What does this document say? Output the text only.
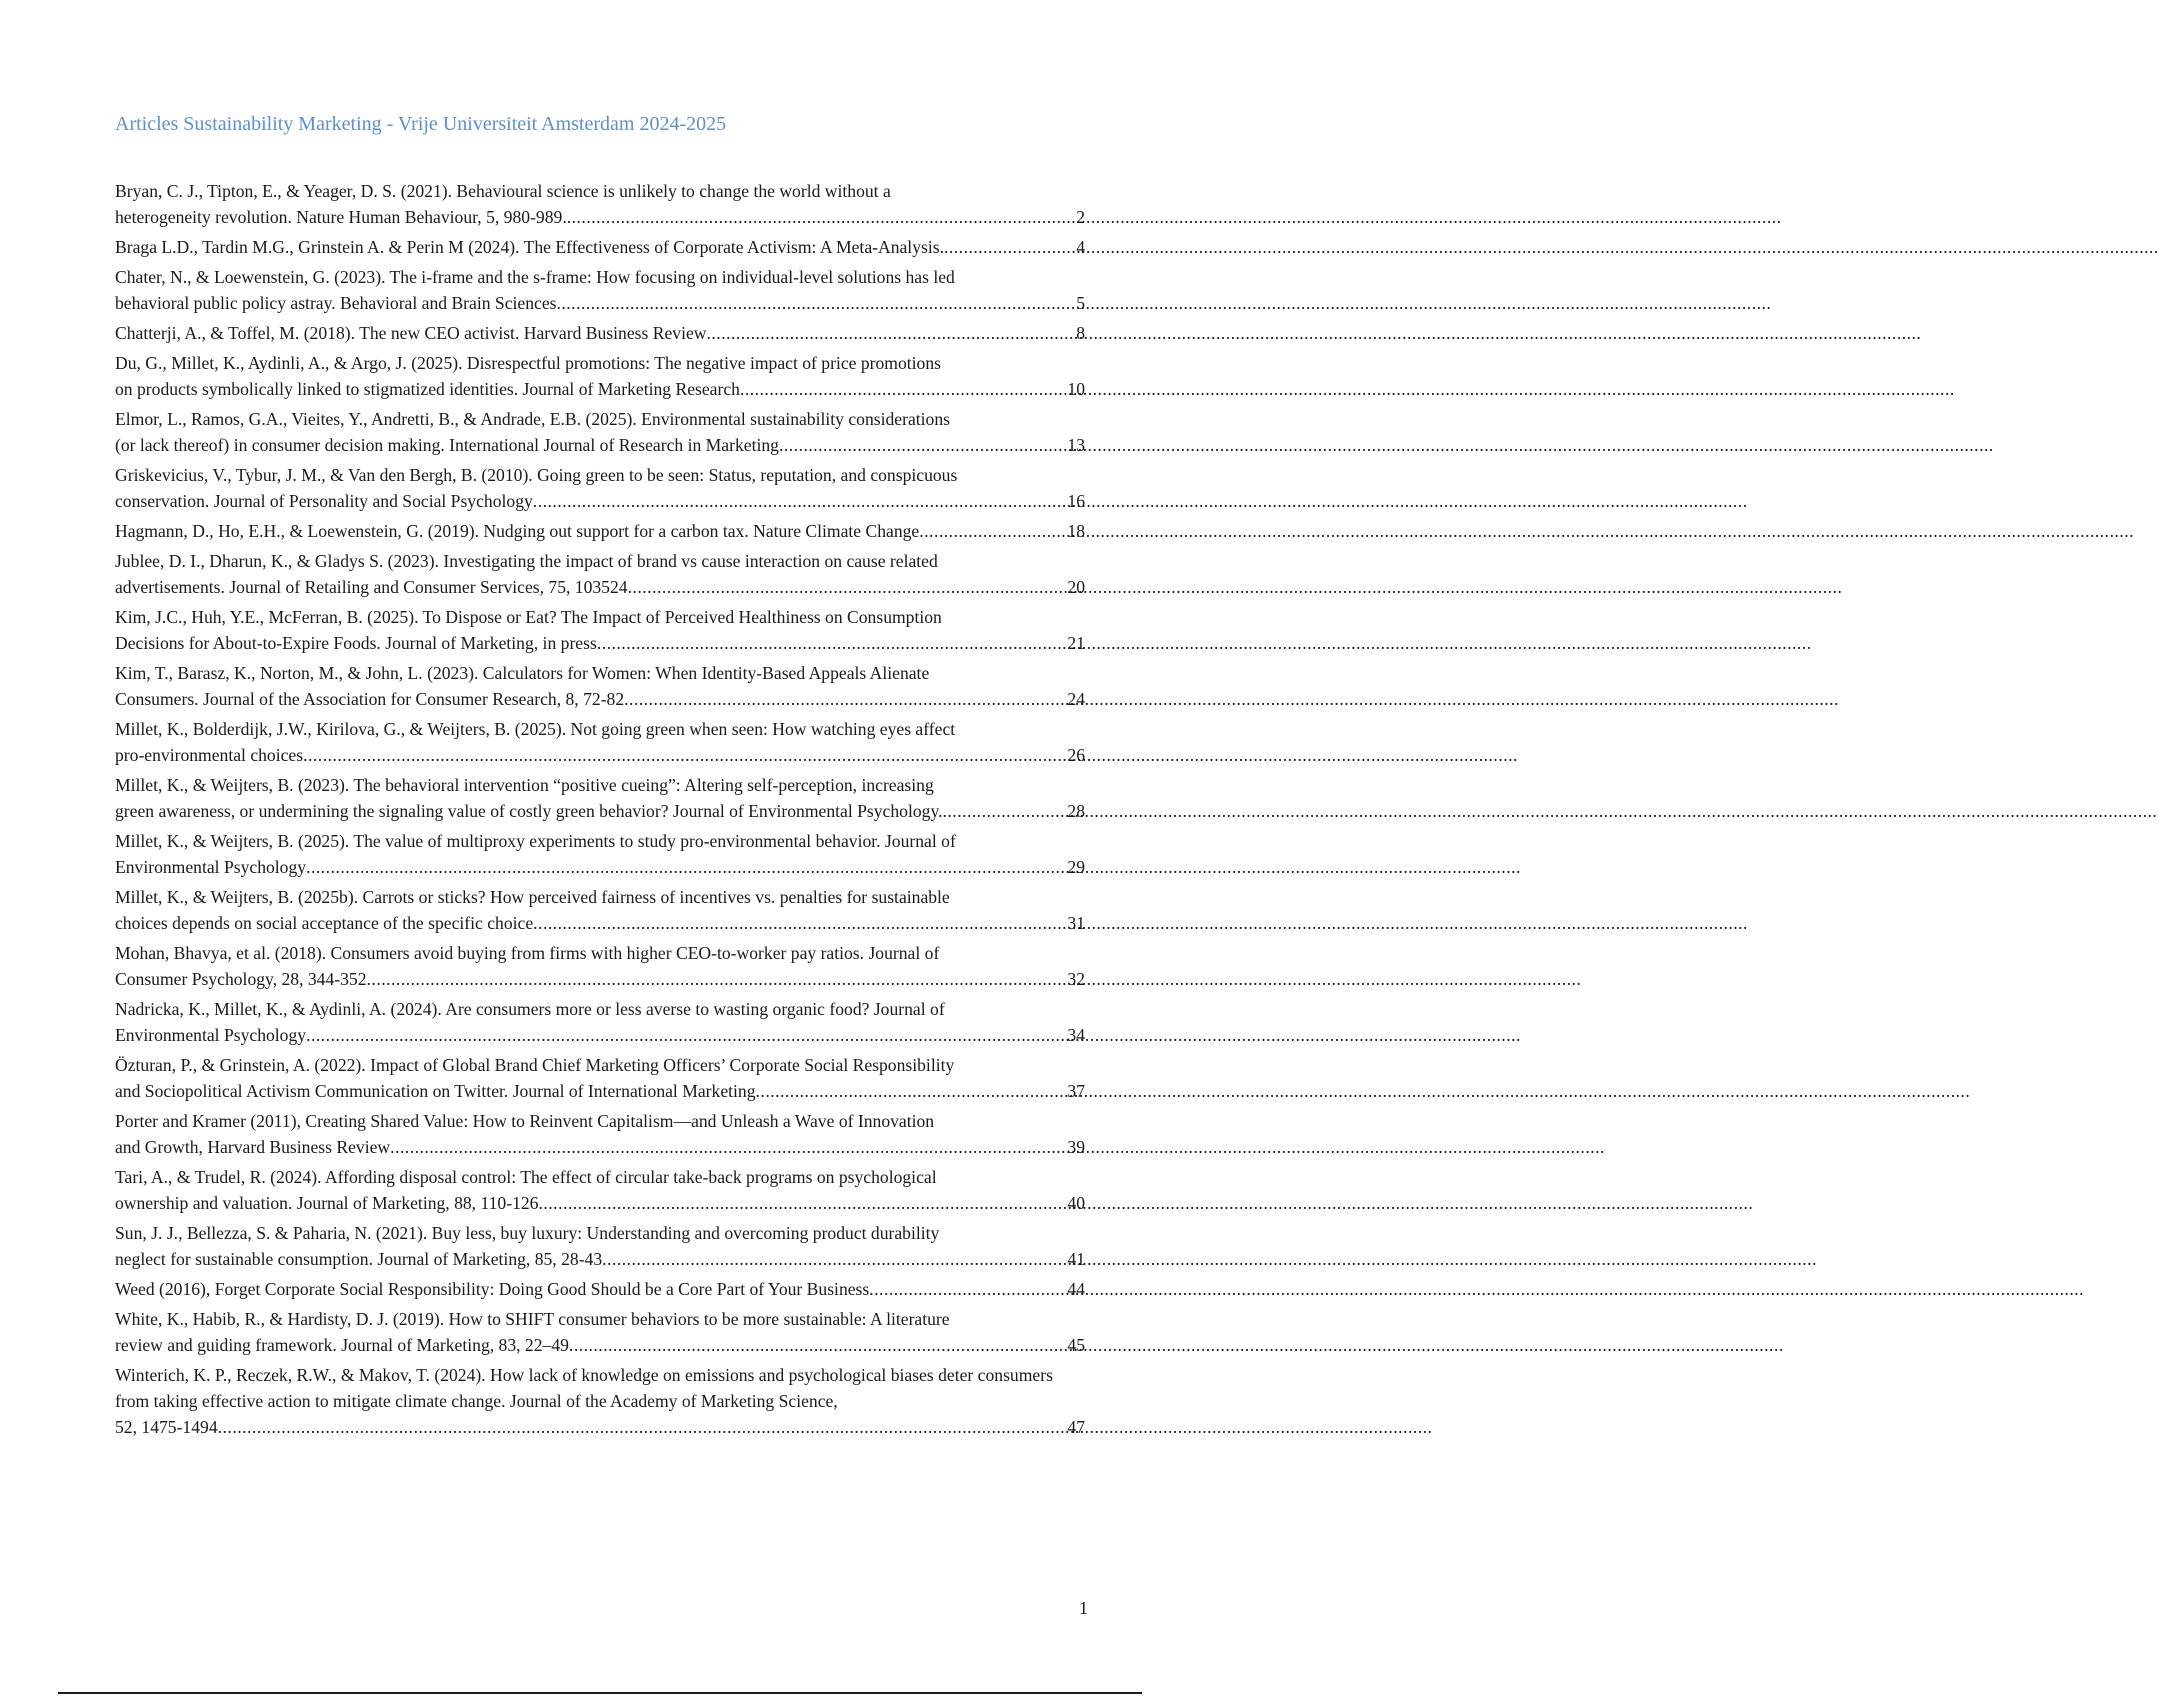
Articles Sustainability Marketing - Vrije Universiteit Amsterdam 2024-2025
Bryan, C. J., Tipton, E., & Yeager, D. S. (2021). Behavioural science is unlikely to change the world without a
heterogeneity revolution. Nature Human Behaviour, 5, 980-989. .....	2
Braga L.D., Tardin M.G., Grinstein A. & Perin M (2024). The Effectiveness of Corporate Activism: A Meta-Analysis. .....	4
Chater, N., & Loewenstein, G. (2023). The i-frame and the s-frame: How focusing on individual-level solutions has led
behavioral public policy astray. Behavioral and Brain Sciences .....	5
Chatterji, A., & Toffel, M. (2018). The new CEO activist. Harvard Business Review .....	8
Du, G., Millet, K., Aydinli, A., & Argo, J. (2025). Disrespectful promotions: The negative impact of price promotions
on products symbolically linked to stigmatized identities. Journal of Marketing Research .....	10
Elmor, L., Ramos, G.A., Vieites, Y., Andretti, B., & Andrade, E.B. (2025). Environmental sustainability considerations
(or lack thereof) in consumer decision making. International Journal of Research in Marketing .....	13
Griskevicius, V., Tybur, J. M., & Van den Bergh, B. (2010). Going green to be seen: Status, reputation, and conspicuous
conservation. Journal of Personality and Social Psychology .....	16
Hagmann, D., Ho, E.H., & Loewenstein, G. (2019). Nudging out support for a carbon tax. Nature Climate Change .....	18
Jublee, D. I., Dharun, K., & Gladys S. (2023). Investigating the impact of brand vs cause interaction on cause related
advertisements. Journal of Retailing and Consumer Services, 75, 103524 .....	20
Kim, J.C., Huh, Y.E., McFerran, B. (2025). To Dispose or Eat? The Impact of Perceived Healthiness on Consumption
Decisions for About-to-Expire Foods. Journal of Marketing, in press .....	21
Kim, T., Barasz, K., Norton, M., & John, L. (2023). Calculators for Women: When Identity-Based Appeals Alienate
Consumers. Journal of the Association for Consumer Research, 8, 72-82 .....	24
Millet, K., Bolderdijk, J.W., Kirilova, G., & Weijters, B. (2025). Not going green when seen: How watching eyes affect
pro-environmental choices .....	26
Millet, K., & Weijters, B. (2023). The behavioral intervention “positive cueing”: Altering self-perception, increasing
green awareness, or undermining the signaling value of costly green behavior? Journal of Environmental Psychology. .....	28
Millet, K., & Weijters, B. (2025). The value of multiproxy experiments to study pro-environmental behavior. Journal of
Environmental Psychology .....	29
Millet, K., & Weijters, B. (2025b). Carrots or sticks? How perceived fairness of incentives vs. penalties for sustainable
choices depends on social acceptance of the specific choice .....	31
Mohan, Bhavya, et al. (2018). Consumers avoid buying from firms with higher CEO‐to‐worker pay ratios. Journal of
Consumer Psychology, 28, 344-352 .....	32
Nadricka, K., Millet, K., & Aydinli, A. (2024). Are consumers more or less averse to wasting organic food? Journal of
Environmental Psychology .....	34
Özturan, P., & Grinstein, A. (2022). Impact of Global Brand Chief Marketing Officers’ Corporate Social Responsibility
and Sociopolitical Activism Communication on Twitter. Journal of International Marketing .....	37
Porter and Kramer (2011), Creating Shared Value: How to Reinvent Capitalism—and Unleash a Wave of Innovation
and Growth, Harvard Business Review .....	39
Tari, A., & Trudel, R. (2024). Affording disposal control: The effect of circular take-back programs on psychological
ownership and valuation. Journal of Marketing, 88, 110-126 .....	40
Sun, J. J., Bellezza, S. & Paharia, N. (2021). Buy less, buy luxury: Understanding and overcoming product durability
neglect for sustainable consumption. Journal of Marketing, 85, 28-43 .....	41
Weed (2016), Forget Corporate Social Responsibility: Doing Good Should be a Core Part of Your Business .....	44
White, K., Habib, R., & Hardisty, D. J. (2019). How to SHIFT consumer behaviors to be more sustainable: A literature
review and guiding framework. Journal of Marketing, 83, 22–49 .....	45
Winterich, K. P., Reczek, R.W., & Makov, T. (2024). How lack of knowledge on emissions and psychological biases deter consumers from taking effective action to mitigate climate change. Journal of the Academy of Marketing Science,
52, 1475-1494 .....	47
1
